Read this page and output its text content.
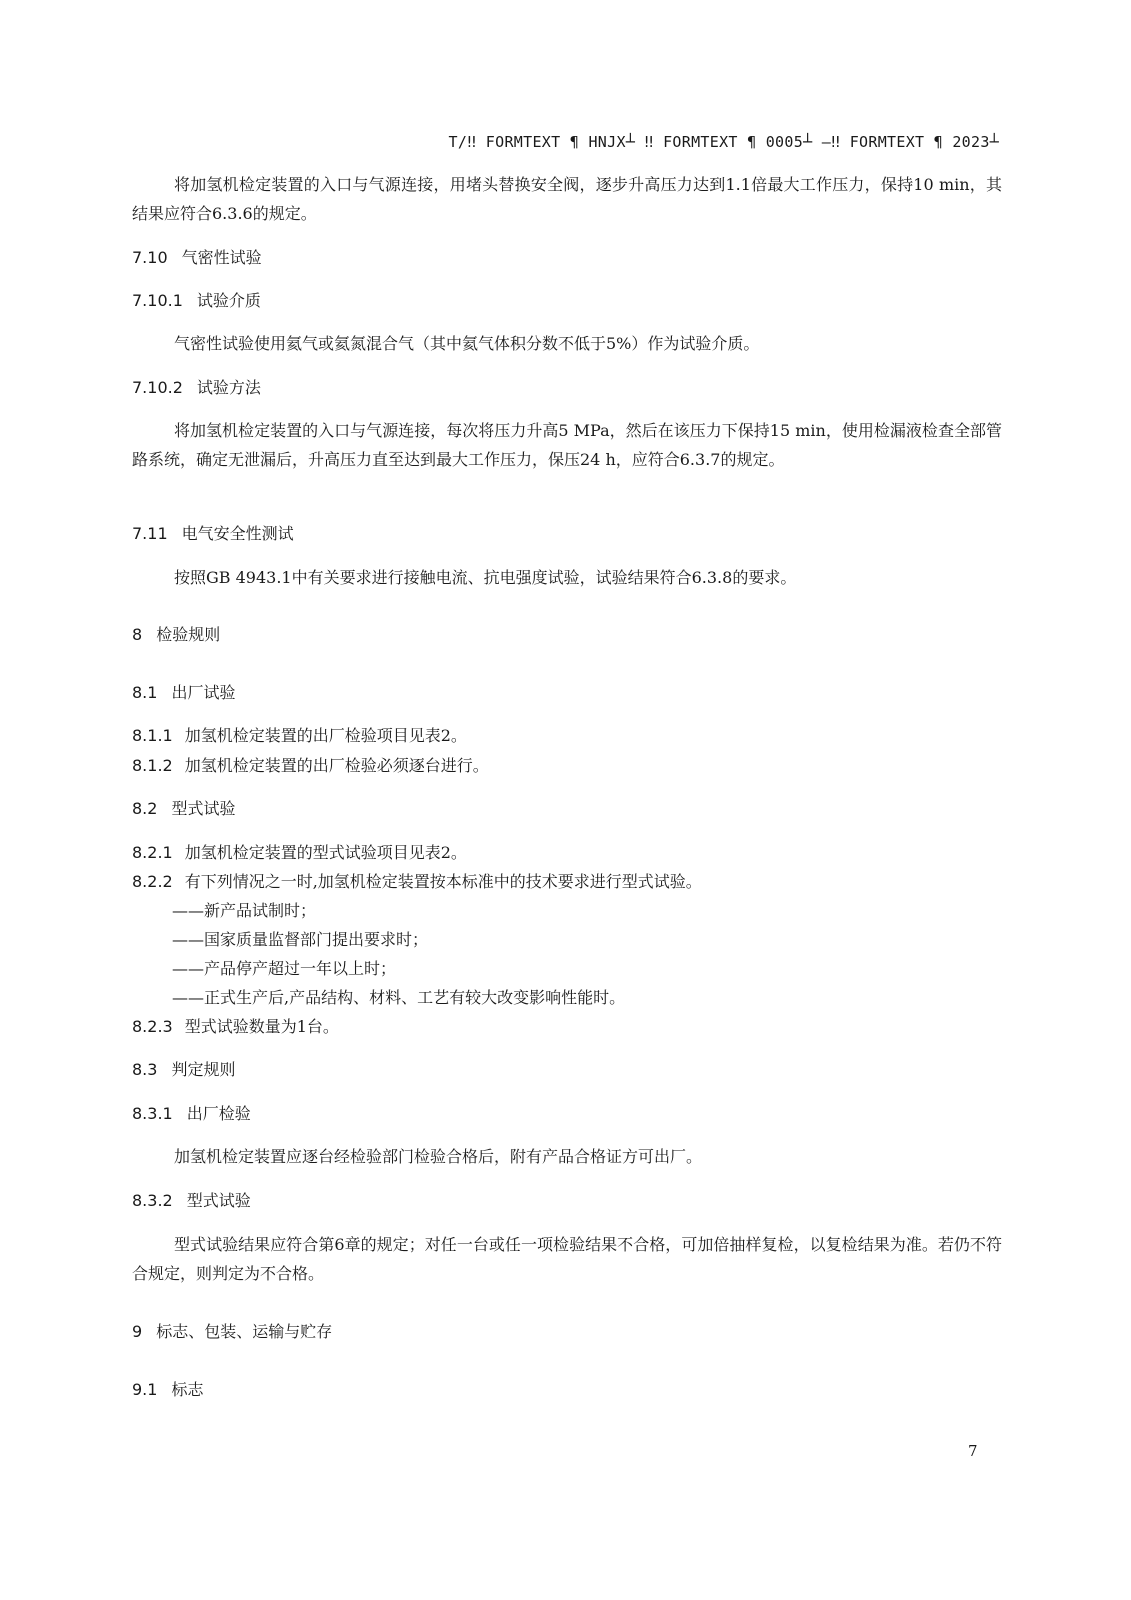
T/‼ FORMTEXT ¶ HNJX┴ ‼ FORMTEXT ¶ 0005┴ —‼ FORMTEXT ¶ 2023┴
将加氢机检定装置的入口与气源连接，用堵头替换安全阀，逐步升高压力达到1.1倍最大工作压力，保持10 min，其结果应符合6.3.6的规定。
7.10 气密性试验
7.10.1 试验介质
气密性试验使用氦气或氦氮混合气（其中氦气体积分数不低于5%）作为试验介质。
7.10.2 试验方法
将加氢机检定装置的入口与气源连接，每次将压力升高5 MPa，然后在该压力下保持15 min，使用检漏液检查全部管路系统，确定无泄漏后，升高压力直至达到最大工作压力，保压24 h，应符合6.3.7的规定。
7.11 电气安全性测试
按照GB 4943.1中有关要求进行接触电流、抗电强度试验，试验结果符合6.3.8的要求。
8 检验规则
8.1 出厂试验
8.1.1 加氢机检定装置的出厂检验项目见表2。
8.1.2 加氢机检定装置的出厂检验必须逐台进行。
8.2 型式试验
8.2.1 加氢机检定装置的型式试验项目见表2。
8.2.2 有下列情况之一时,加氢机检定装置按本标准中的技术要求进行型式试验。
——新产品试制时；
——国家质量监督部门提出要求时；
——产品停产超过一年以上时；
——正式生产后,产品结构、材料、工艺有较大改变影响性能时。
8.2.3 型式试验数量为1台。
8.3 判定规则
8.3.1 出厂检验
加氢机检定装置应逐台经检验部门检验合格后，附有产品合格证方可出厂。
8.3.2 型式试验
型式试验结果应符合第6章的规定；对任一台或任一项检验结果不合格，可加倍抽样复检，以复检结果为准。若仍不符合规定，则判定为不合格。
9 标志、包装、运输与贮存
9.1 标志
7
